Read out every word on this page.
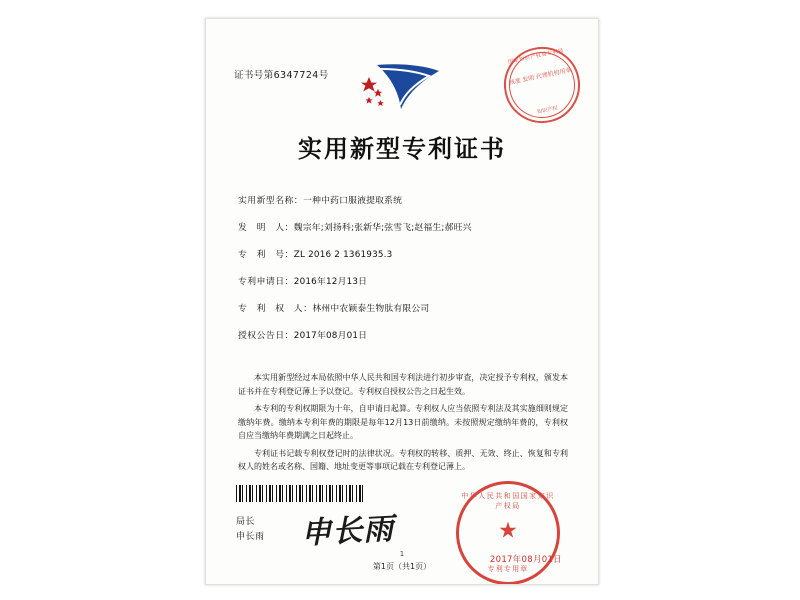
证书号第6347724号
国家知识产权局专利局
核准 发明 代理机构用章
知识产权
实用新型专利证书
实用新型名称：一种中药口服液提取系统
发　明　人：魏宗年;刘扬科;张新华;弦雪飞;赵福生;郝旺兴
专　利　号：ZL 2016 2 1361935.3
专利申请日：2016年12月13日
专　利　权　人：林州中农颖泰生物肽有限公司
授权公告日：2017年08月01日

本实用新型经过本局依照中华人民共和国专利法进行初步审查，决定授予专利权，颁发本证书并在专利登记薄上予以登记。专利权自授权公告之日起生效。

本专利的专利权期限为十年，自申请日起算。专利权人应当依照专利法及其实施细则规定缴纳年费。缴纳本专利年费的期限是每年12月13日前缴纳。未按照规定缴纳年费的，专利权自应当缴纳年费期满之日起终止。

专利证书记载专利权登记时的法律状况。专利权的转移、质押、无效、终止、恢复和专利权人的姓名或名称、国籍、地址变更等事项记载在专利登记薄上。

局长
申长雨 申长雨
中华人民共和国国家知识产权局
★
专利专用章
2017年08月01日
1
第1页（共1页）
